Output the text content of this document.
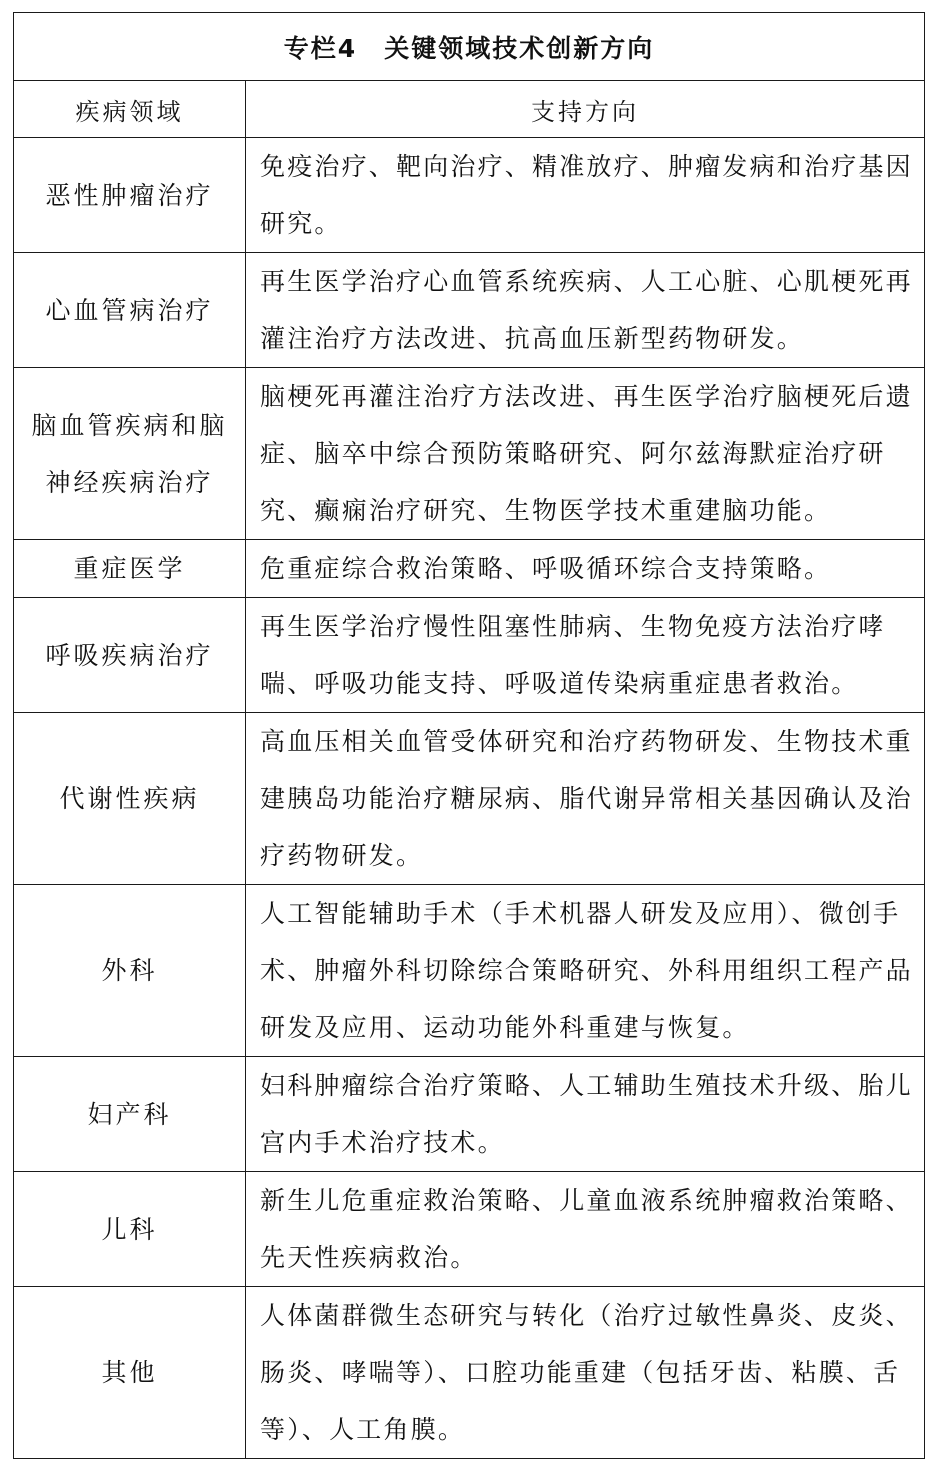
专栏4　关键领域技术创新方向	
疾病领域	支持方向
恶性肿瘤治疗	免疫治疗、靶向治疗、精准放疗、肿瘤发病和治疗基因研究。
心血管病治疗	再生医学治疗心血管系统疾病、人工心脏、心肌梗死再灌注治疗方法改进、抗高血压新型药物研发。
脑血管疾病和脑神经疾病治疗	脑梗死再灌注治疗方法改进、再生医学治疗脑梗死后遗症、脑卒中综合预防策略研究、阿尔兹海默症治疗研究、癫痫治疗研究、生物医学技术重建脑功能。
重症医学	危重症综合救治策略、呼吸循环综合支持策略。
呼吸疾病治疗	再生医学治疗慢性阻塞性肺病、生物免疫方法治疗哮喘、呼吸功能支持、呼吸道传染病重症患者救治。
代谢性疾病	高血压相关血管受体研究和治疗药物研发、生物技术重建胰岛功能治疗糖尿病、脂代谢异常相关基因确认及治疗药物研发。
外科	人工智能辅助手术（手术机器人研发及应用）、微创手术、肿瘤外科切除综合策略研究、外科用组织工程产品研发及应用、运动功能外科重建与恢复。
妇产科	妇科肿瘤综合治疗策略、人工辅助生殖技术升级、胎儿宫内手术治疗技术。
儿科	新生儿危重症救治策略、儿童血液系统肿瘤救治策略、先天性疾病救治。
其他	人体菌群微生态研究与转化（治疗过敏性鼻炎、皮炎、肠炎、哮喘等）、口腔功能重建（包括牙齿、粘膜、舌等）、人工角膜。
